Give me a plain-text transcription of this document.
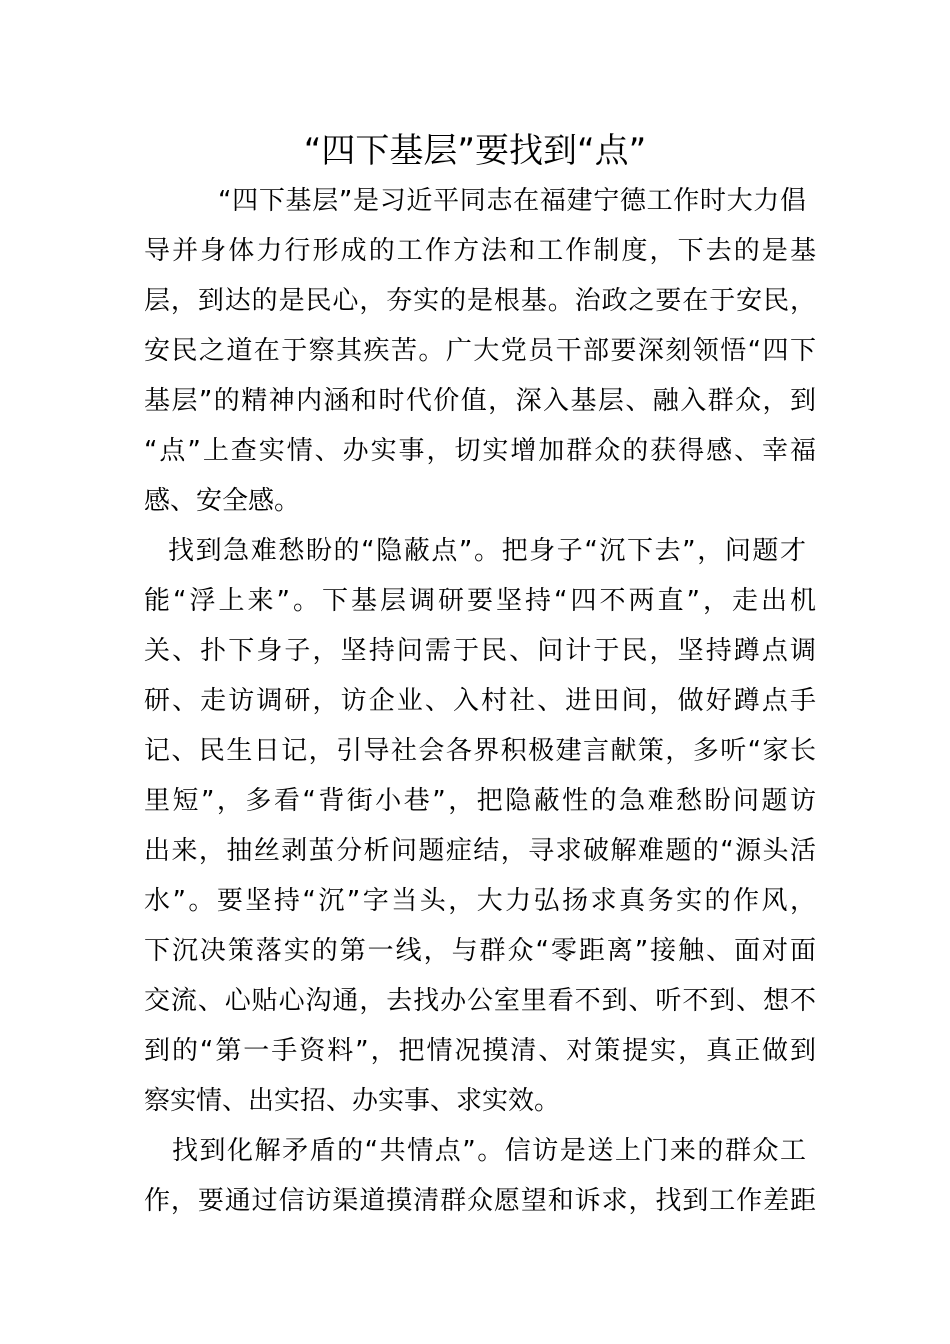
“四下基层”要找到“点”
“四下基层”是习近平同志在福建宁德工作时大力倡
导并身体力行形成的工作方法和工作制度，下去的是基
层，到达的是民心，夯实的是根基。治政之要在于安民，
安民之道在于察其疾苦。广大党员干部要深刻领悟“四下
基层”的精神内涵和时代价值，深入基层、融入群众，到
“点”上查实情、办实事，切实增加群众的获得感、幸福
感、安全感。
找到急难愁盼的“隐蔽点”。把身子“沉下去”，问题才
能“浮上来”。下基层调研要坚持“四不两直”，走出机
关、扑下身子，坚持问需于民、问计于民，坚持蹲点调
研、走访调研，访企业、入村社、进田间，做好蹲点手
记、民生日记，引导社会各界积极建言献策，多听“家长
里短”，多看“背街小巷”，把隐蔽性的急难愁盼问题访
出来，抽丝剥茧分析问题症结，寻求破解难题的“源头活
水”。要坚持“沉”字当头，大力弘扬求真务实的作风，
下沉决策落实的第一线，与群众“零距离”接触、面对面
交流、心贴心沟通，去找办公室里看不到、听不到、想不
到的“第一手资料”，把情况摸清、对策提实，真正做到
察实情、出实招、办实事、求实效。
找到化解矛盾的“共情点”。信访是送上门来的群众工
作，要通过信访渠道摸清群众愿望和诉求，找到工作差距
